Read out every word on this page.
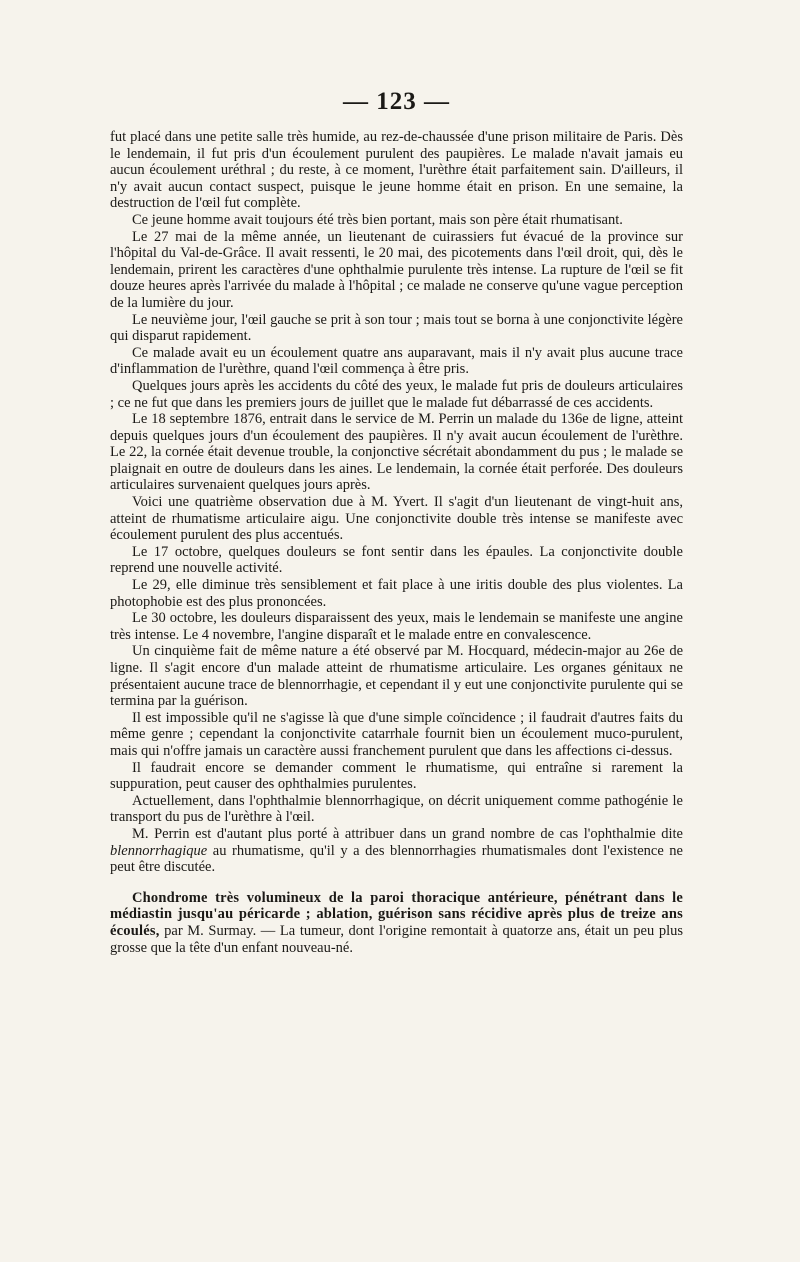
— 123 —

fut placé dans une petite salle très humide, au rez-de-chaussée d'une prison militaire de Paris. Dès le lendemain, il fut pris d'un écoulement purulent des paupières. Le malade n'avait jamais eu aucun écoulement uréthral ; du reste, à ce moment, l'urèthre était parfaitement sain. D'ailleurs, il n'y avait aucun contact suspect, puisque le jeune homme était en prison. En une semaine, la destruction de l'œil fut complète.

Ce jeune homme avait toujours été très bien portant, mais son père était rhumatisant.

Le 27 mai de la même année, un lieutenant de cuirassiers fut évacué de la province sur l'hôpital du Val-de-Grâce. Il avait ressenti, le 20 mai, des picotements dans l'œil droit, qui, dès le lendemain, prirent les caractères d'une ophthalmie purulente très intense. La rupture de l'œil se fit douze heures après l'arrivée du malade à l'hôpital ; ce malade ne conserve qu'une vague perception de la lumière du jour.

Le neuvième jour, l'œil gauche se prit à son tour ; mais tout se borna à une conjonctivite légère qui disparut rapidement.

Ce malade avait eu un écoulement quatre ans auparavant, mais il n'y avait plus aucune trace d'inflammation de l'urèthre, quand l'œil commença à être pris.

Quelques jours après les accidents du côté des yeux, le malade fut pris de douleurs articulaires ; ce ne fut que dans les premiers jours de juillet que le malade fut débarrassé de ces accidents.

Le 18 septembre 1876, entrait dans le service de M. Perrin un malade du 136e de ligne, atteint depuis quelques jours d'un écoulement des paupières. Il n'y avait aucun écoulement de l'urèthre. Le 22, la cornée était devenue trouble, la conjonctive sécrétait abondamment du pus ; le malade se plaignait en outre de douleurs dans les aines. Le lendemain, la cornée était perforée. Des douleurs articulaires survenaient quelques jours après.

Voici une quatrième observation due à M. Yvert. Il s'agit d'un lieutenant de vingt-huit ans, atteint de rhumatisme articulaire aigu. Une conjonctivite double très intense se manifeste avec écoulement purulent des plus accentués.

Le 17 octobre, quelques douleurs se font sentir dans les épaules. La conjonctivite double reprend une nouvelle activité.

Le 29, elle diminue très sensiblement et fait place à une iritis double des plus violentes. La photophobie est des plus prononcées.

Le 30 octobre, les douleurs disparaissent des yeux, mais le lendemain se manifeste une angine très intense. Le 4 novembre, l'angine disparaît et le malade entre en convalescence.

Un cinquième fait de même nature a été observé par M. Hocquard, médecin-major au 26e de ligne. Il s'agit encore d'un malade atteint de rhumatisme articulaire. Les organes génitaux ne présentaient aucune trace de blennorrhagie, et cependant il y eut une conjonctivite purulente qui se termina par la guérison.

Il est impossible qu'il ne s'agisse là que d'une simple coïncidence ; il faudrait d'autres faits du même genre ; cependant la conjonctivite catarrhale fournit bien un écoulement muco-purulent, mais qui n'offre jamais un caractère aussi franchement purulent que dans les affections ci-dessus.

Il faudrait encore se demander comment le rhumatisme, qui entraîne si rarement la suppuration, peut causer des ophthalmies purulentes.

Actuellement, dans l'ophthalmie blennorrhagique, on décrit uniquement comme pathogénie le transport du pus de l'urèthre à l'œil.

M. Perrin est d'autant plus porté à attribuer dans un grand nombre de cas l'ophthalmie dite blennorrhagique au rhumatisme, qu'il y a des blennorrhagies rhumatismales dont l'existence ne peut être discutée.

Chondrome très volumineux de la paroi thoracique antérieure, pénétrant dans le médiastin jusqu'au péricarde ; ablation, guérison sans récidive après plus de treize ans écoulés, par M. Surmay. — La tumeur, dont l'origine remontait à quatorze ans, était un peu plus grosse que la tête d'un enfant nouveau-né.
